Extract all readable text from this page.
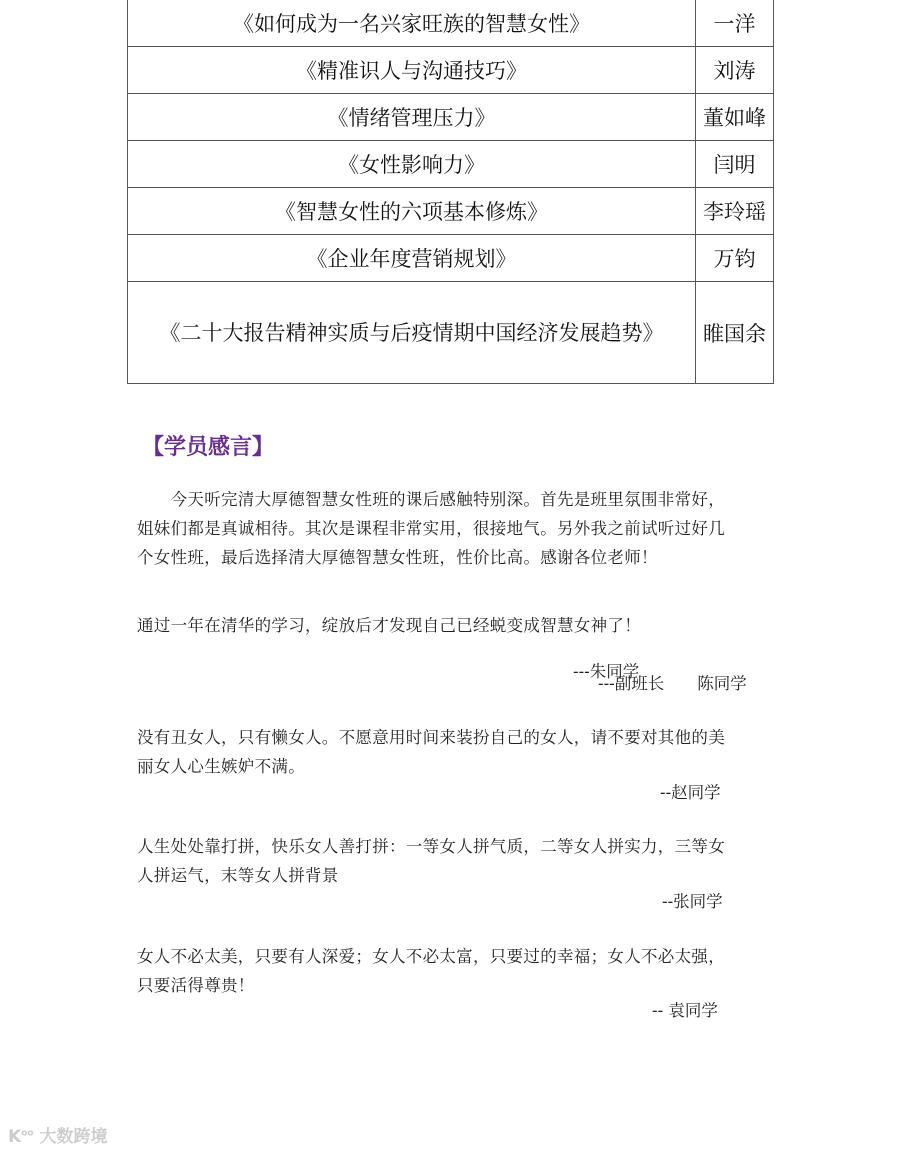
《如何成为一名兴家旺族的智慧女性》	一洋
《精准识人与沟通技巧》	刘涛
《情绪管理压力》	董如峰
《女性影响力》	闫明
《智慧女性的六项基本修炼》	李玲瑶
《企业年度营销规划》	万钧
《二十大报告精神实质与后疫情期中国经济发展趋势》	睢国余
【学员感言】
　　今天听完清大厚德智慧女性班的课后感触特别深。首先是班里氛围非常好，
姐妹们都是真诚相待。其次是课程非常实用，很接地气。另外我之前试听过好几
个女性班，最后选择清大厚德智慧女性班，性价比高。感谢各位老师！
---朱同学
通过一年在清华的学习，绽放后才发现自己已经蜕变成智慧女神了！
---副班长　　陈同学
没有丑女人，只有懒女人。不愿意用时间来装扮自己的女人，请不要对其他的美
丽女人心生嫉妒不满。
--赵同学
人生处处靠打拼，快乐女人善打拼：一等女人拼气质，二等女人拼实力，三等女
人拼运气，末等女人拼背景
--张同学
女人不必太美，只要有人深爱；女人不必太富，只要过的幸福；女人不必太强，
只要活得尊贵！
-- 袁同学
$K^{oo}$ 大数跨境
